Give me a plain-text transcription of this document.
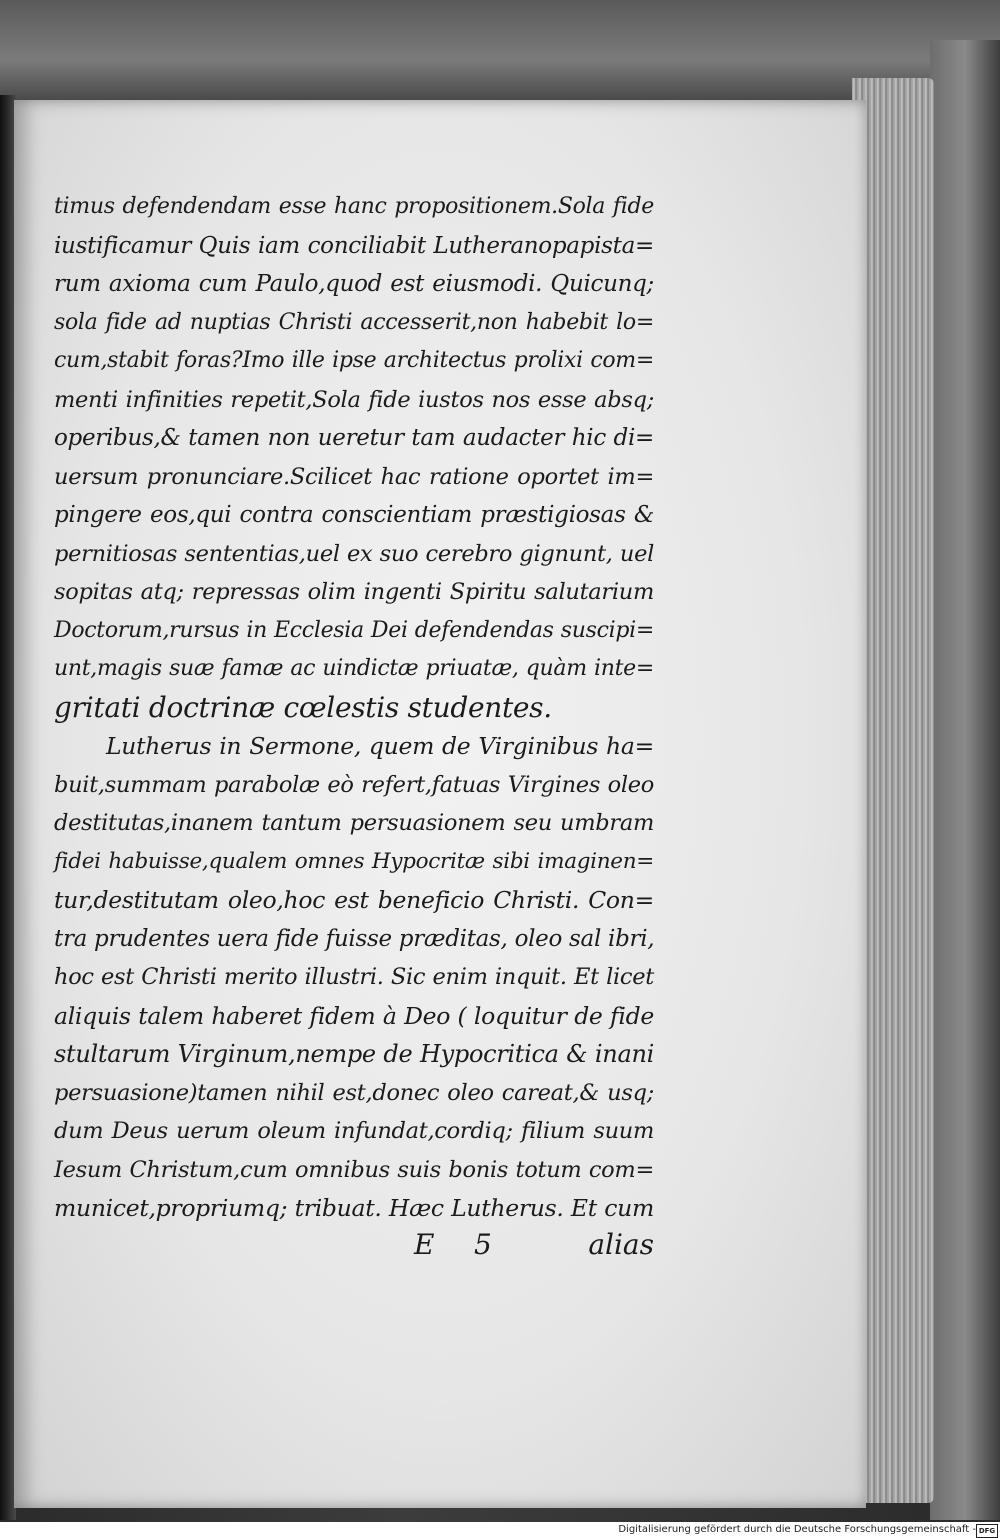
timus defendendam esse hanc propositionem.Sola fide
iustificamur Quis iam conciliabit Lutheranopapista=
rum axioma cum Paulo,quod est eiusmodi. Quicunq;
sola fide ad nuptias Christi accesserit,non habebit lo=
cum,stabit foras?Imo ille ipse architectus prolixi com=
menti infinities repetit,Sola fide iustos nos esse absq;
operibus,& tamen non ueretur tam audacter hic di=
uersum pronunciare.Scilicet hac ratione oportet im=
pingere eos,qui contra conscientiam præstigiosas &
pernitiosas sententias,uel ex suo cerebro gignunt, uel
sopitas atq; repressas olim ingenti Spiritu salutarium
Doctorum,rursus in Ecclesia Dei defendendas suscipi=
unt,magis suæ famæ ac uindictæ priuatæ, quàm inte=
gritati doctrinæ cœlestis studentes.
Lutherus in Sermone, quem de Virginibus ha=
buit,summam parabolæ eò refert,fatuas Virgines oleo
destitutas,inanem tantum persuasionem seu umbram
fidei habuisse,qualem omnes Hypocritæ sibi imaginen=
tur,destitutam oleo,hoc est beneficio Christi. Con=
tra prudentes uera fide fuisse præditas, oleo sal ibri,
hoc est Christi merito illustri. Sic enim inquit. Et licet
aliquis talem haberet fidem à Deo ( loquitur de fide
stultarum Virginum,nempe de Hypocritica & inani
persuasione)tamen nihil est,donec oleo careat,& usq;
dum Deus uerum oleum infundat,cordiq; filium suum
Iesum Christum,cum omnibus suis bonis totum com=
municet,propriumq; tribuat. Hæc Lutherus. Et cum
E 5	alias
Digitalisierung gefördert durch die Deutsche Forschungsgemeinschaft - DFG
